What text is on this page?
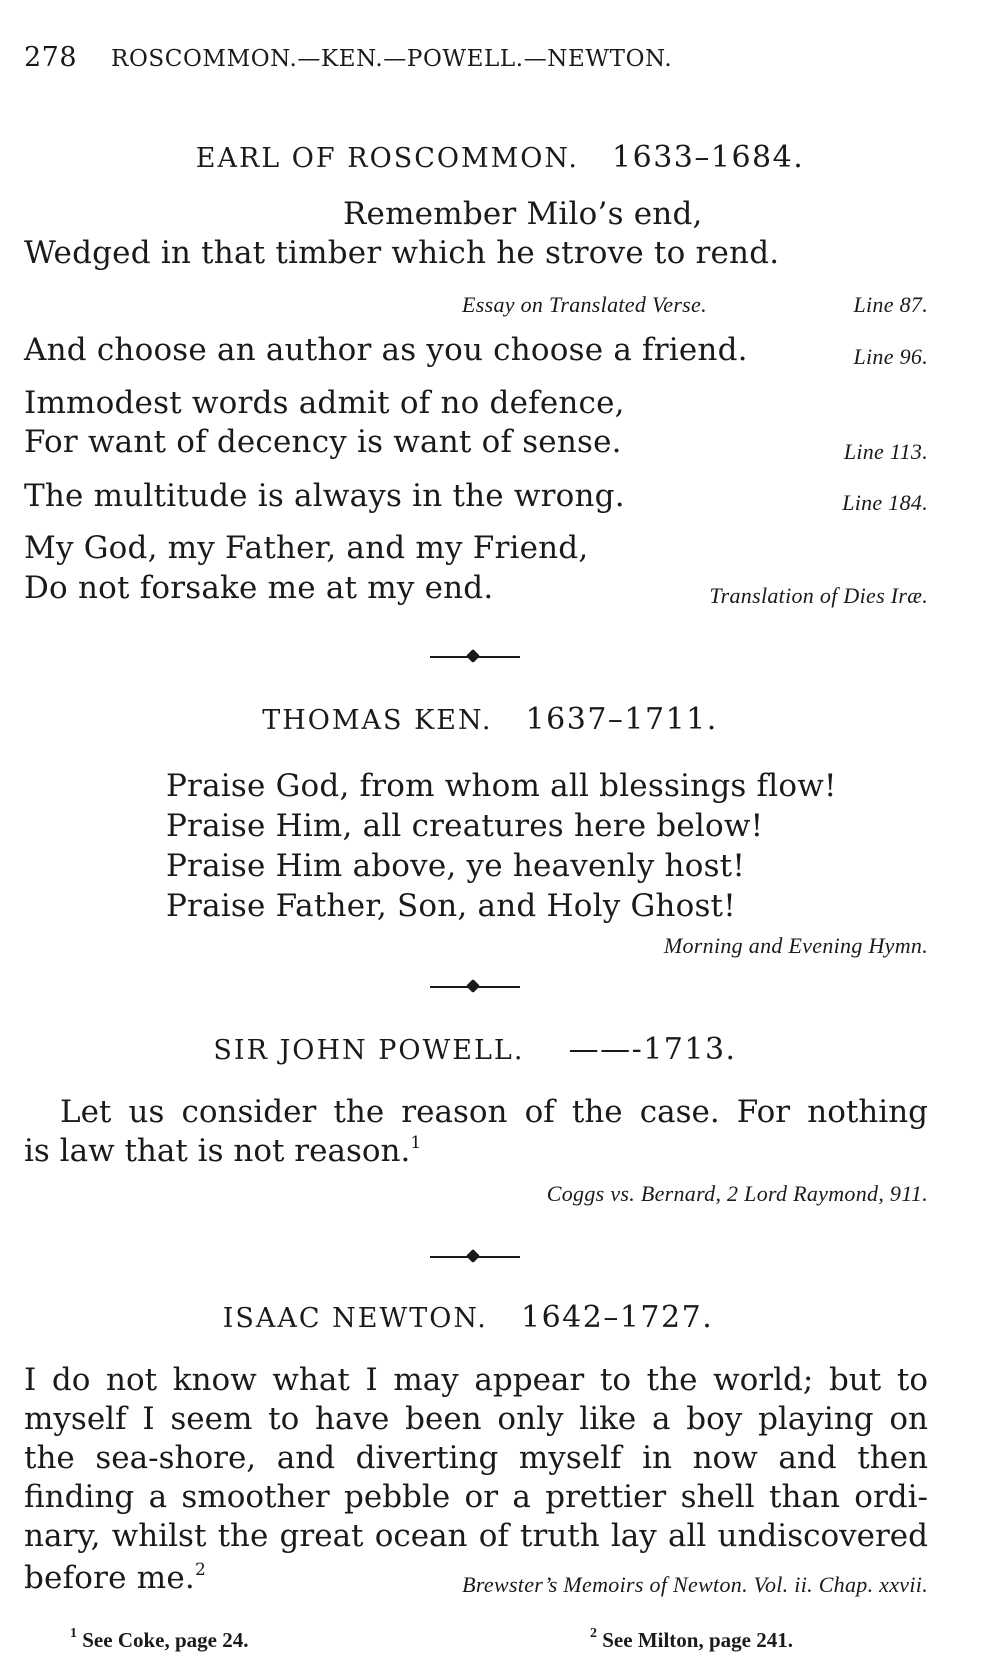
278 ROSCOMMON.—KEN.—POWELL.—NEWTON.
EARL OF ROSCOMMON. 1633–1684.
Remember Milo’s end,
Wedged in that timber which he strove to rend.
Essay on Translated Verse.	Line 87.
And choose an author as you choose a friend.	Line 96.
Immodest words admit of no defence,
For want of decency is want of sense.	Line 113.
The multitude is always in the wrong.	Line 184.
My God, my Father, and my Friend,
Do not forsake me at my end.	Translation of Dies Iræ.
THOMAS KEN. 1637–1711.
Praise God, from whom all blessings flow!
Praise Him, all creatures here below!
Praise Him above, ye heavenly host!
Praise Father, Son, and Holy Ghost!
Morning and Evening Hymn.
SIR JOHN POWELL. ——-1713.
Let us consider the reason of the case. For nothing
is law that is not reason.$^1$
Coggs vs. Bernard, 2 Lord Raymond, 911.
ISAAC NEWTON. 1642–1727.
I do not know what I may appear to the world; but to
myself I seem to have been only like a boy playing on
the sea-shore, and diverting myself in now and then
finding a smoother pebble or a prettier shell than ordi-
nary, whilst the great ocean of truth lay all undiscovered
before me.$^2$
Brewster’s Memoirs of Newton. Vol. ii. Chap. xxvii.
$^1$ See Coke, page 24.	$^2$ See Milton, page 241.
